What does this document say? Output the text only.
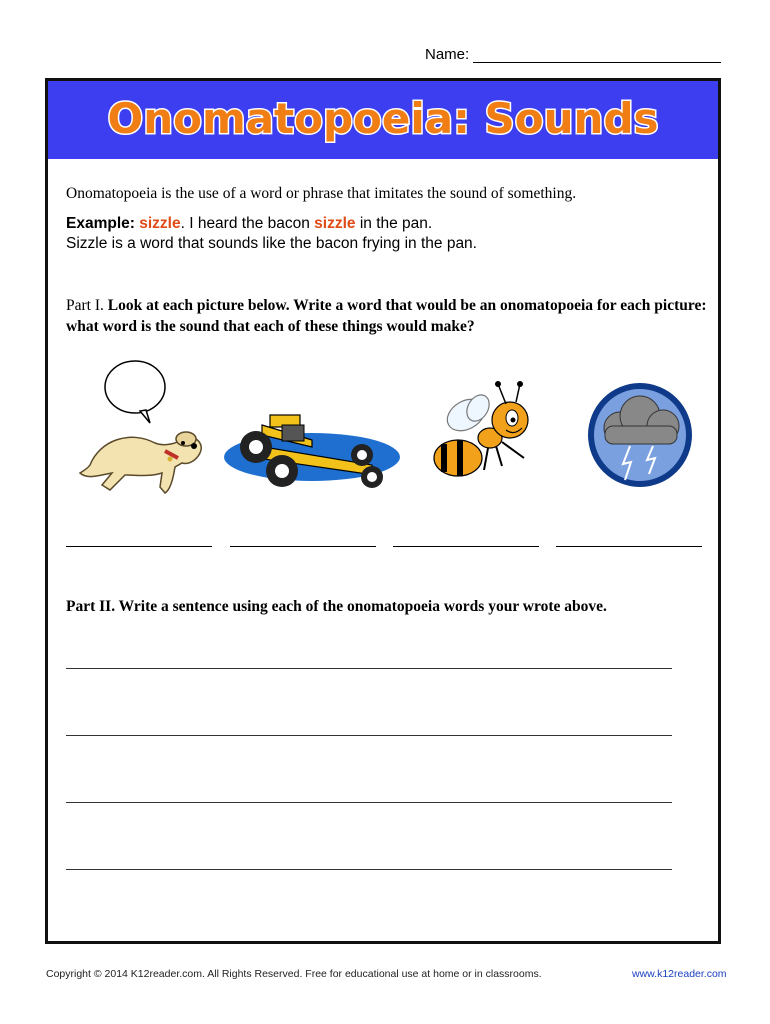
Name:
Onomatopoeia: Sounds
Onomatopoeia is the use of a word or phrase that imitates the sound of something.
Example: sizzle. I heard the bacon sizzle in the pan.
Sizzle is a word that sounds like the bacon frying in the pan.
Part I. Look at each picture below. Write a word that would be an onomatopoeia for each picture: what word is the sound that each of these things would make?
Part II. Write a sentence using each of the onomatopoeia words your wrote above.
Copyright © 2014 K12reader.com. All Rights Reserved. Free for educational use at home or in classrooms.	www.k12reader.com
